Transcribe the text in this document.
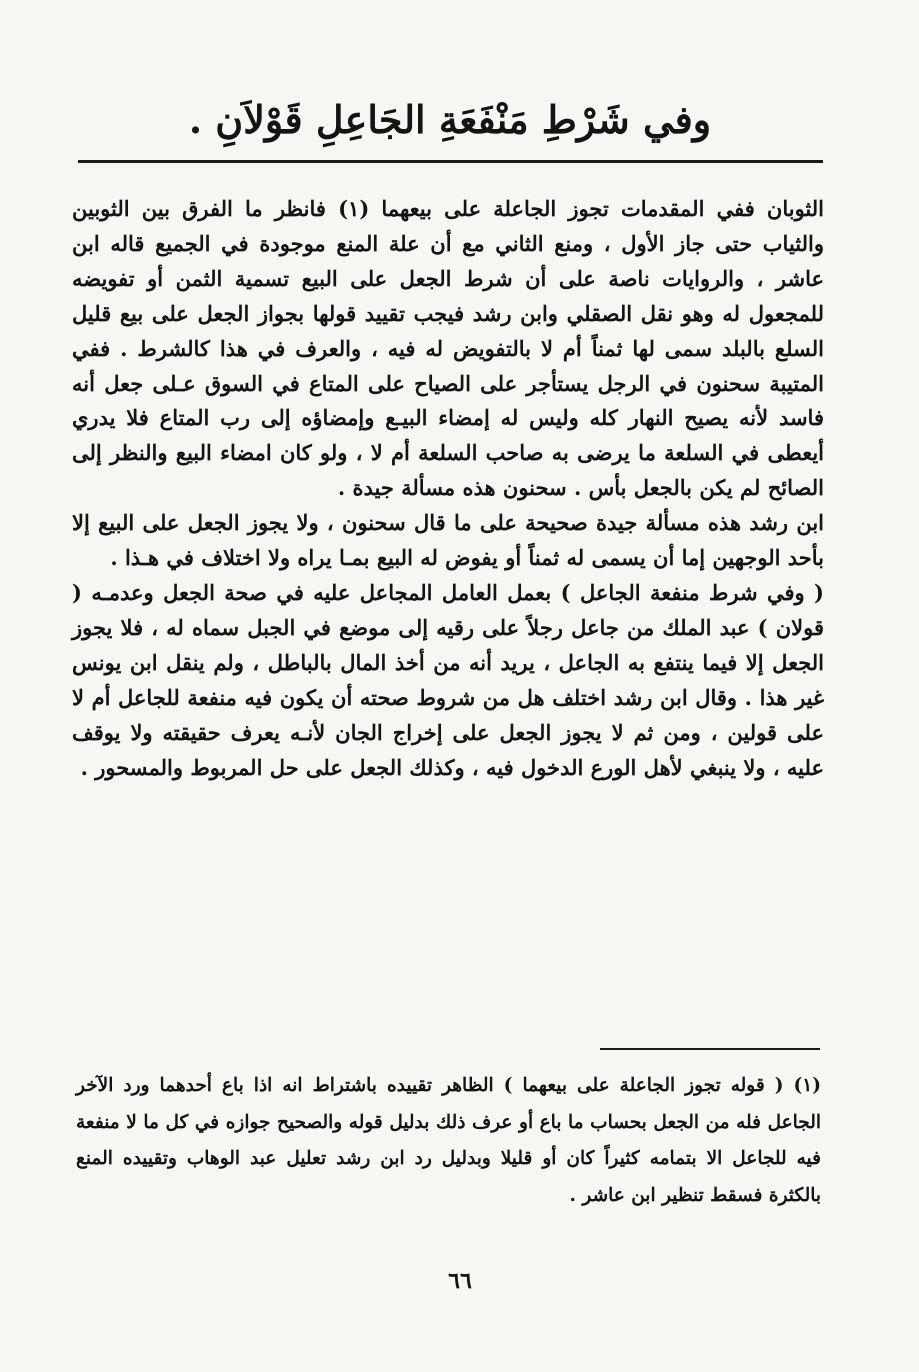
وفي شَرْطِ مَنْفَعَةِ الجَاعِلِ قَوْلاَنِ .

الثوبان ففي المقدمات تجوز الجاعلة على بيعهما (١) فانظر ما الفرق بين الثوبين والثياب حتى جاز الأول ، ومنع الثاني مع أن علة المنع موجودة في الجميع قاله ابن عاشر ، والروايات ناصة على أن شرط الجعل على البيع تسمية الثمن أو تفويضه للمجعول له وهو نقل الصقلي وابن رشد فيجب تقييد قولها بجواز الجعل على بيع قليل السلع بالبلد سمى لها ثمناً أم لا بالتفويض له فيه ، والعرف في هذا كالشرط . ففي المتيبة سحنون في الرجل يستأجر على الصياح على المتاع في السوق عـلى جعل أنه فاسد لأنه يصيح النهار كله وليس له إمضاء البيـع وإمضاؤه إلى رب المتاع فلا يدري أيعطى في السلعة ما يرضى به صاحب السلعة أم لا ، ولو كان امضاء البيع والنظر إلى الصائح لم يكن بالجعل بأس . سحنون هذه مسألة جيدة .

ابن رشد هذه مسألة جيدة صحيحة على ما قال سحنون ، ولا يجوز الجعل على البيع إلا بأحد الوجهين إما أن يسمى له ثمناً أو يفوض له البيع بمـا يراه ولا اختلاف في هـذا .

( وفي شرط منفعة الجاعل ) بعمل العامل المجاعل عليه في صحة الجعل وعدمـه ( قولان ) عبد الملك من جاعل رجلاً على رقيه إلى موضع في الجبل سماه له ، فلا يجوز الجعل إلا فيما ينتفع به الجاعل ، يريد أنه من أخذ المال بالباطل ، ولم ينقل ابن يونس غير هذا . وقال ابن رشد اختلف هل من شروط صحته أن يكون فيه منفعة للجاعل أم لا على قولين ، ومن ثم لا يجوز الجعل على إخراج الجان لأنـه يعرف حقيقته ولا يوقف عليه ، ولا ينبغي لأهل الورع الدخول فيه ، وكذلك الجعل على حل المربوط والمسحور .

(١) ( قوله تجوز الجاعلة على بيعهما ) الظاهر تقييده باشتراط انه اذا باع أحدهما ورد الآخر الجاعل فله من الجعل بحساب ما باع أو عرف ذلك بدليل قوله والصحيح جوازه في كل ما لا منفعة فيه للجاعل الا بتمامه كثيراً كان أو قليلا وبدليل رد ابن رشد تعليل عبد الوهاب وتقييده المنع بالكثرة فسقط تنظير ابن عاشر .

٦٦
